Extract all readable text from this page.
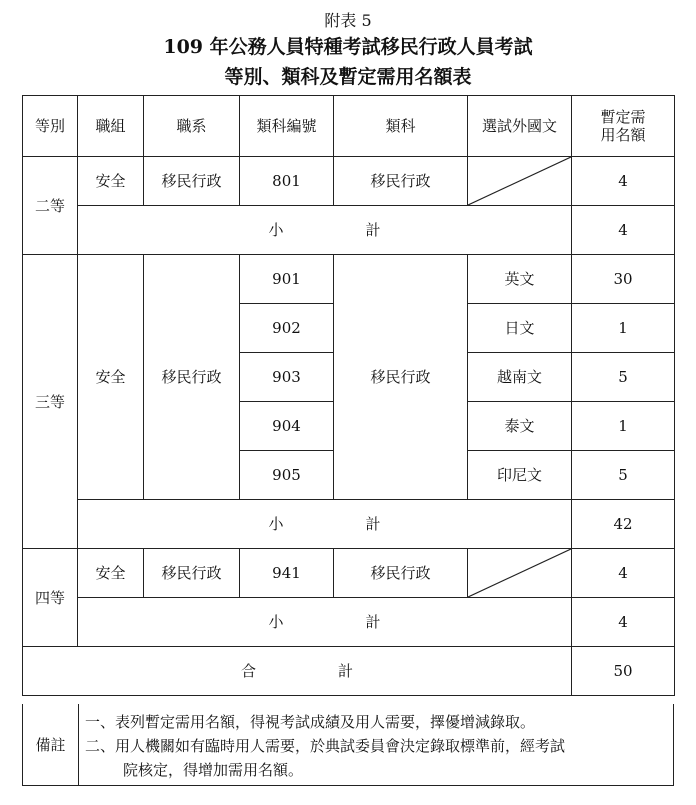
附表 5
109 年公務人員特種考試移民行政人員考試
等別、類科及暫定需用名額表
等別	職組	職系	類科編號	類科	選試外國文	暫定需
用名額

二等	安全	移民行政	801	移民行政		4
	小 計					4
三等	安全	移民行政	901	移民行政	英文	30
			902		日文	1
			903		越南文	5
			904		泰文	1
			905		印尼文	5
	小 計					42
四等	安全	移民行政	941	移民行政		4
	小 計					4
合 計						50
備註
一、表列暫定需用名額，得視考試成績及用人需要，擇優增減錄取。
二、用人機關如有臨時用人需要，於典試委員會決定錄取標準前，經考試
院核定，得增加需用名額。
